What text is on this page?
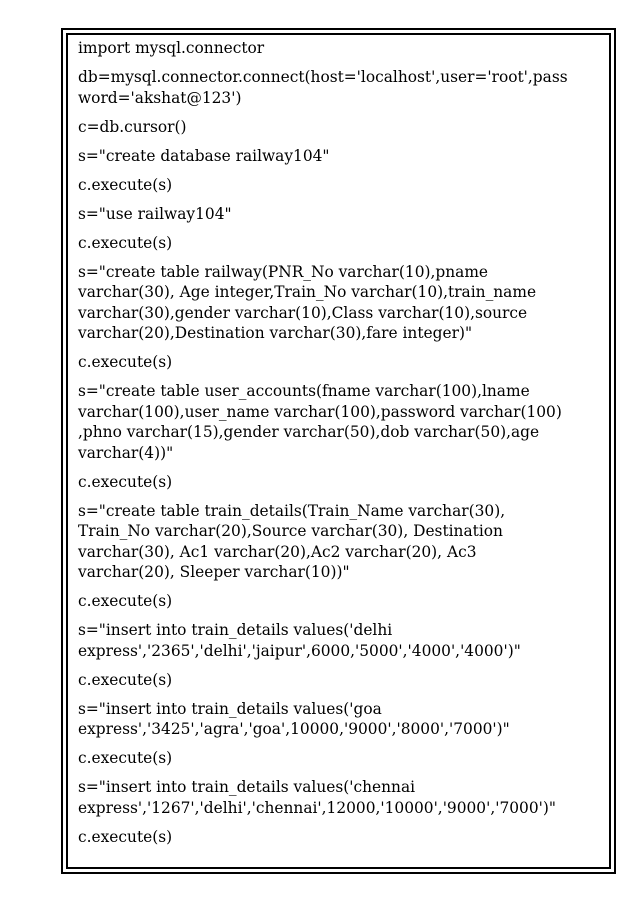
import mysql.connector

db=mysql.connector.connect(host='localhost',user='root',pass
word='akshat@123')

c=db.cursor()

s="create database railway104"

c.execute(s)

s="use railway104"

c.execute(s)

s="create table railway(PNR_No varchar(10),pname
varchar(30), Age integer,Train_No varchar(10),train_name
varchar(30),gender varchar(10),Class varchar(10),source
varchar(20),Destination varchar(30),fare integer)"

c.execute(s)

s="create table user_accounts(fname varchar(100),lname
varchar(100),user_name varchar(100),password varchar(100)
,phno varchar(15),gender varchar(50),dob varchar(50),age
varchar(4))"

c.execute(s)

s="create table train_details(Train_Name varchar(30),
Train_No varchar(20),Source varchar(30), Destination
varchar(30), Ac1 varchar(20),Ac2 varchar(20), Ac3
varchar(20), Sleeper varchar(10))"

c.execute(s)

s="insert into train_details values('delhi
express','2365','delhi','jaipur',6000,'5000','4000','4000')"

c.execute(s)

s="insert into train_details values('goa
express','3425','agra','goa',10000,'9000','8000','7000')"

c.execute(s)

s="insert into train_details values('chennai
express','1267','delhi','chennai',12000,'10000','9000','7000')"

c.execute(s)
